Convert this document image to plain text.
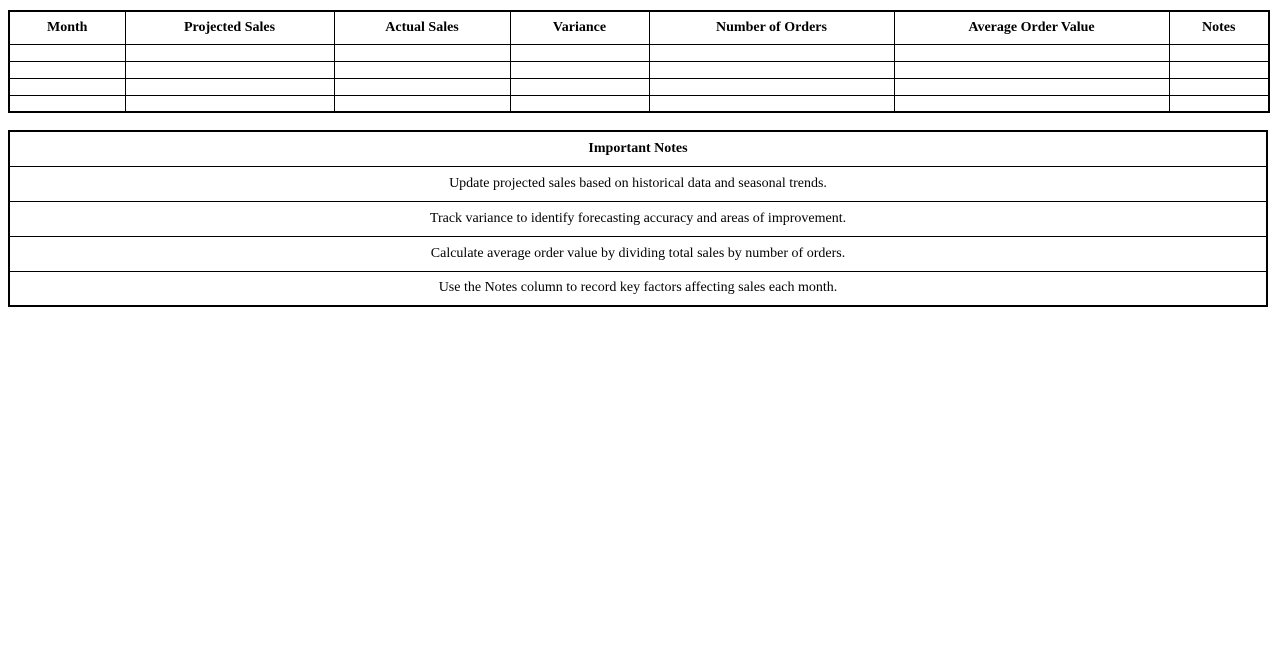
Month	Projected Sales	Actual Sales	Variance	Number of Orders	Average Order Value	Notes

Important Notes
Update projected sales based on historical data and seasonal trends.
Track variance to identify forecasting accuracy and areas of improvement.
Calculate average order value by dividing total sales by number of orders.
Use the Notes column to record key factors affecting sales each month.
